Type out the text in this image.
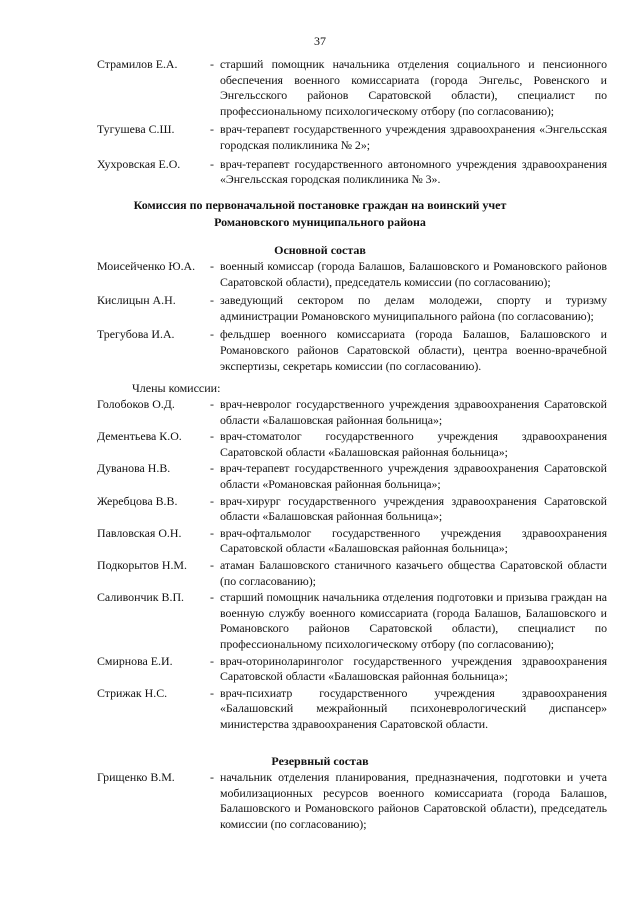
37
Страмилов Е.А.	- старший помощник начальника отделения социального и пенсионного обеспечения военного комиссариата (города Энгельс, Ровенского и Энгельсского районов Саратовской области), специалист по профессиональному психологическому отбору (по согласованию);
Тугушева С.Ш.	- врач-терапевт государственного учреждения здравоохранения «Энгельсская городская поликлиника № 2»;
Хухровская Е.О.	- врач-терапевт государственного автономного учреждения здравоохранения «Энгельсская городская поликлиника № 3».
Комиссия по первоначальной постановке граждан на воинский учет
Романовского муниципального района
Основной состав
Моисейченко Ю.А.	- военный комиссар (города Балашов, Балашовского и Романовского районов Саратовской области), председатель комиссии (по согласованию);
Кислицын А.Н.	- заведующий сектором по делам молодежи, спорту и туризму администрации Романовского муниципального района (по согласованию);
Трегубова И.А.	- фельдшер военного комиссариата (города Балашов, Балашовского и Романовского районов Саратовской области), центра военно-врачебной экспертизы, секретарь комиссии (по согласованию).
Члены комиссии:
Голобоков О.Д.	- врач-невролог государственного учреждения здравоохранения Саратовской области «Балашовская районная больница»;
Дементьева К.О.	- врач-стоматолог государственного учреждения здравоохранения Саратовской области «Балашовская районная больница»;
Дуванова Н.В.	- врач-терапевт государственного учреждения здравоохранения Саратовской области «Романовская районная больница»;
Жеребцова В.В.	- врач-хирург государственного учреждения здравоохранения Саратовской области «Балашовская районная больница»;
Павловская О.Н.	- врач-офтальмолог государственного учреждения здравоохранения Саратовской области «Балашовская районная больница»;
Подкорытов Н.М.	- атаман Балашовского станичного казачьего общества Саратовской области (по согласованию);
Саливончик В.П.	- старший помощник начальника отделения подготовки и призыва граждан на военную службу военного комиссариата (города Балашов, Балашовского и Романовского районов Саратовской области), специалист по профессиональному психологическому отбору (по согласованию);
Смирнова Е.И.	- врач-оториноларинголог государственного учреждения здравоохранения Саратовской области «Балашовская районная больница»;
Стрижак Н.С.	- врач-психиатр государственного учреждения здравоохранения «Балашовский межрайонный психоневрологический диспансер» министерства здравоохранения Саратовской области.
Резервный состав
Грищенко В.М.	- начальник отделения планирования, предназначения, подготовки и учета мобилизационных ресурсов военного комиссариата (города Балашов, Балашовского и Романовского районов Саратовской области), председатель комиссии (по согласованию);
